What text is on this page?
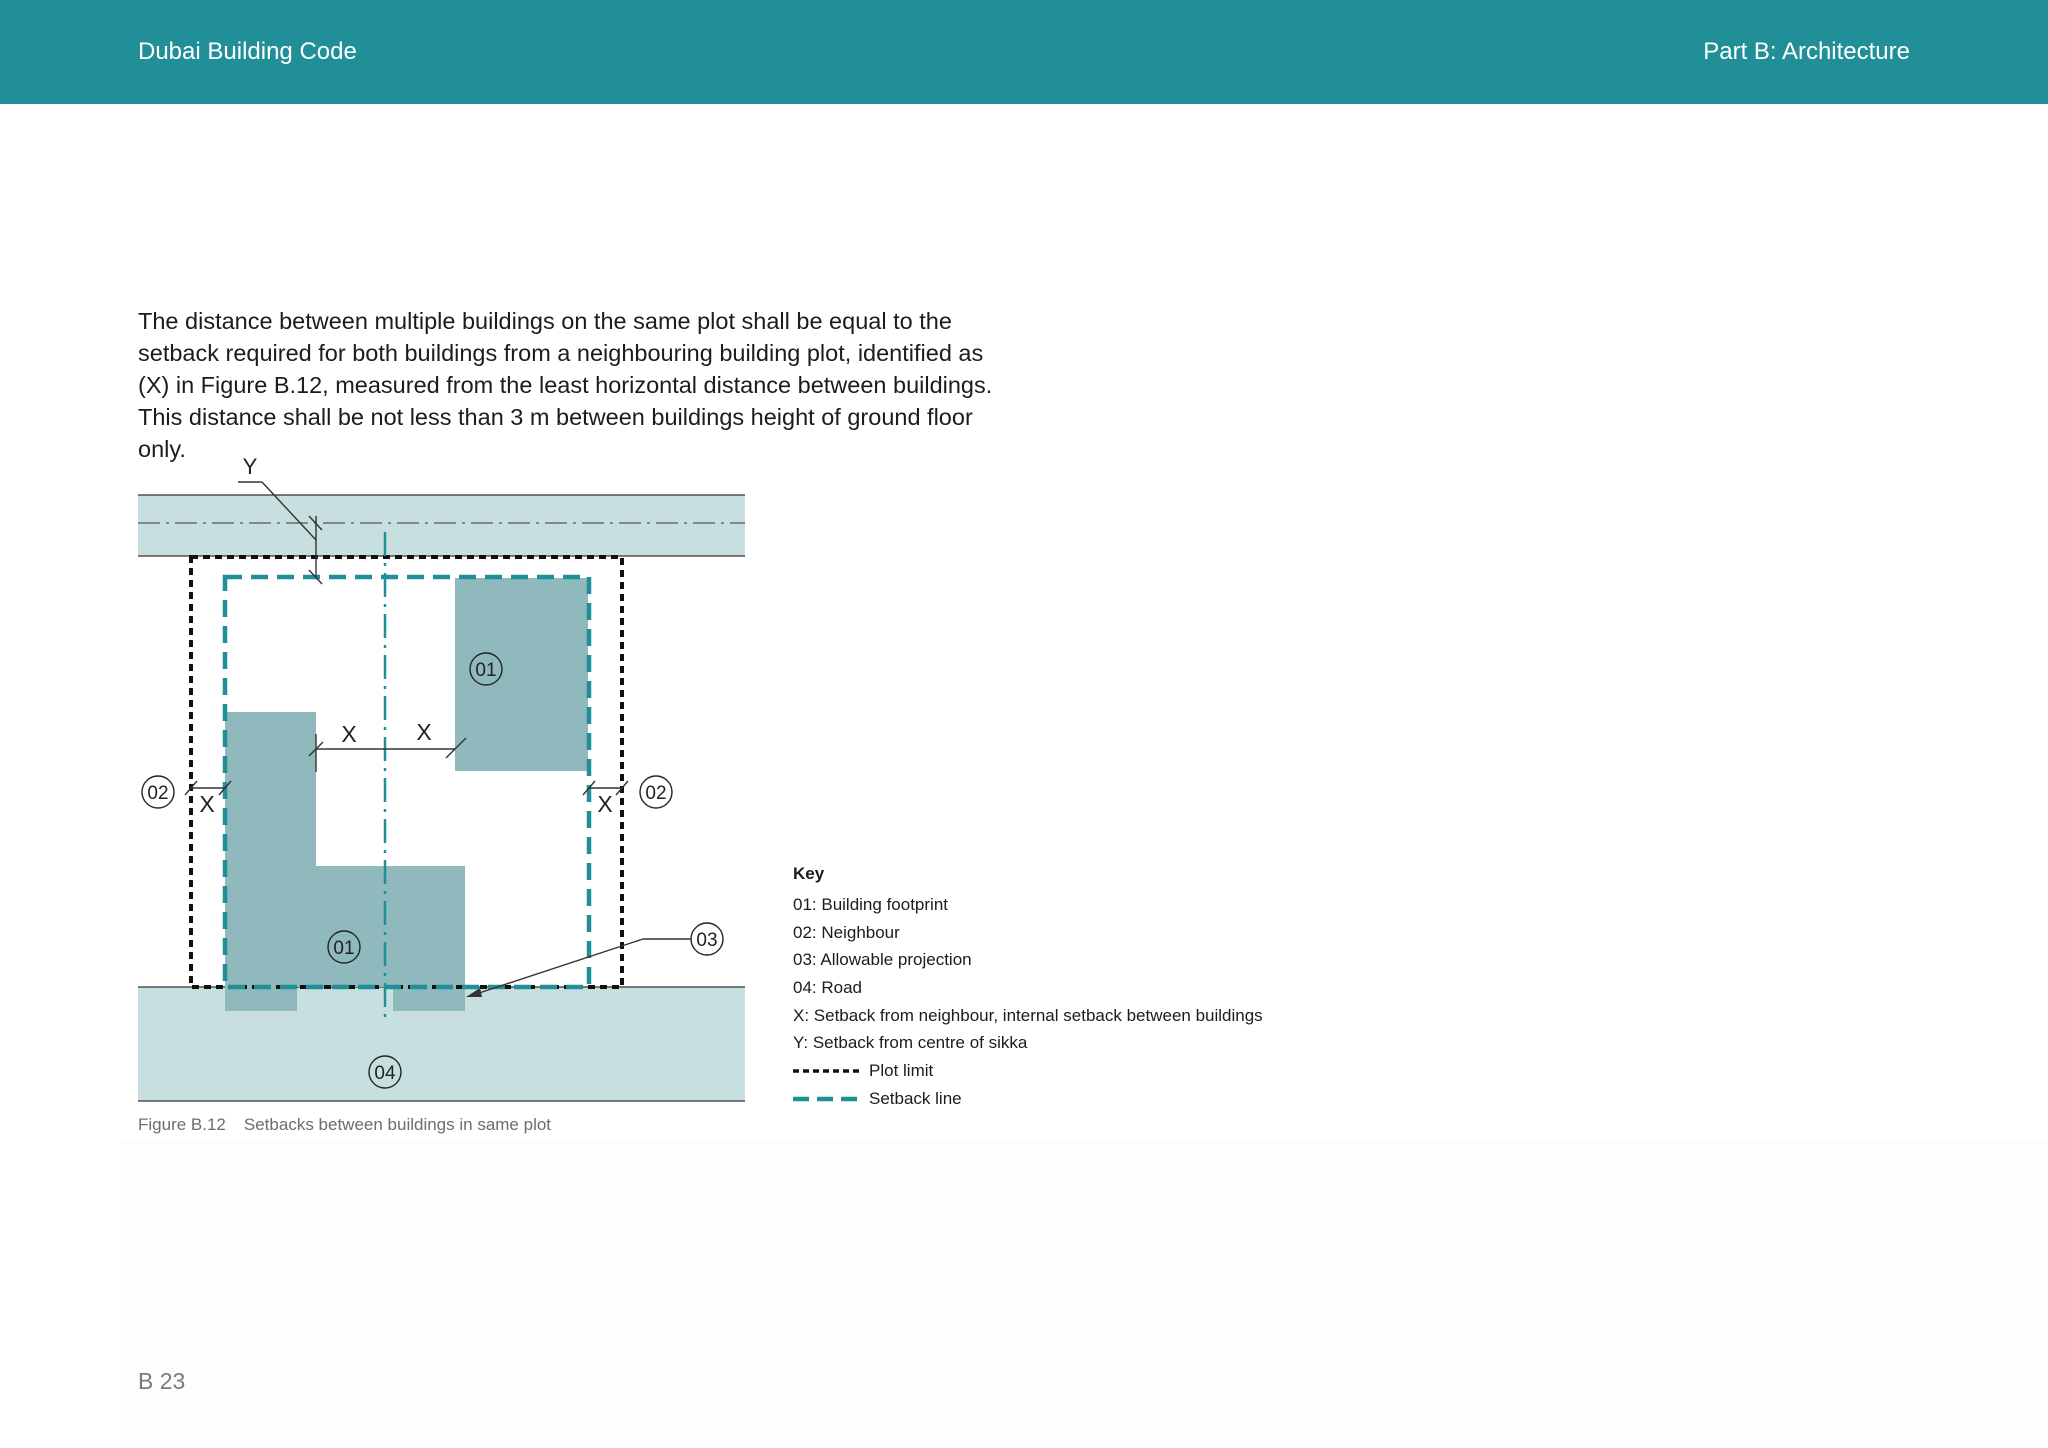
Dubai Building Code	Part B: Architecture

The distance between multiple buildings on the same plot shall be equal to the setback required for both buildings from a neighbouring building plot, identified as (X) in Figure B.12, measured from the least horizontal distance between buildings. This distance shall be not less than 3 m between buildings height of ground floor only.

Y
X	X
X	X
01
01
02	02
03
04
Figure B.12 Setbacks between buildings in same plot
Key
01: Building footprint
02: Neighbour
03: Allowable projection
04: Road
X: Setback from neighbour, internal setback between buildings
Y: Setback from centre of sikka
Plot limit
Setback line
B 23
